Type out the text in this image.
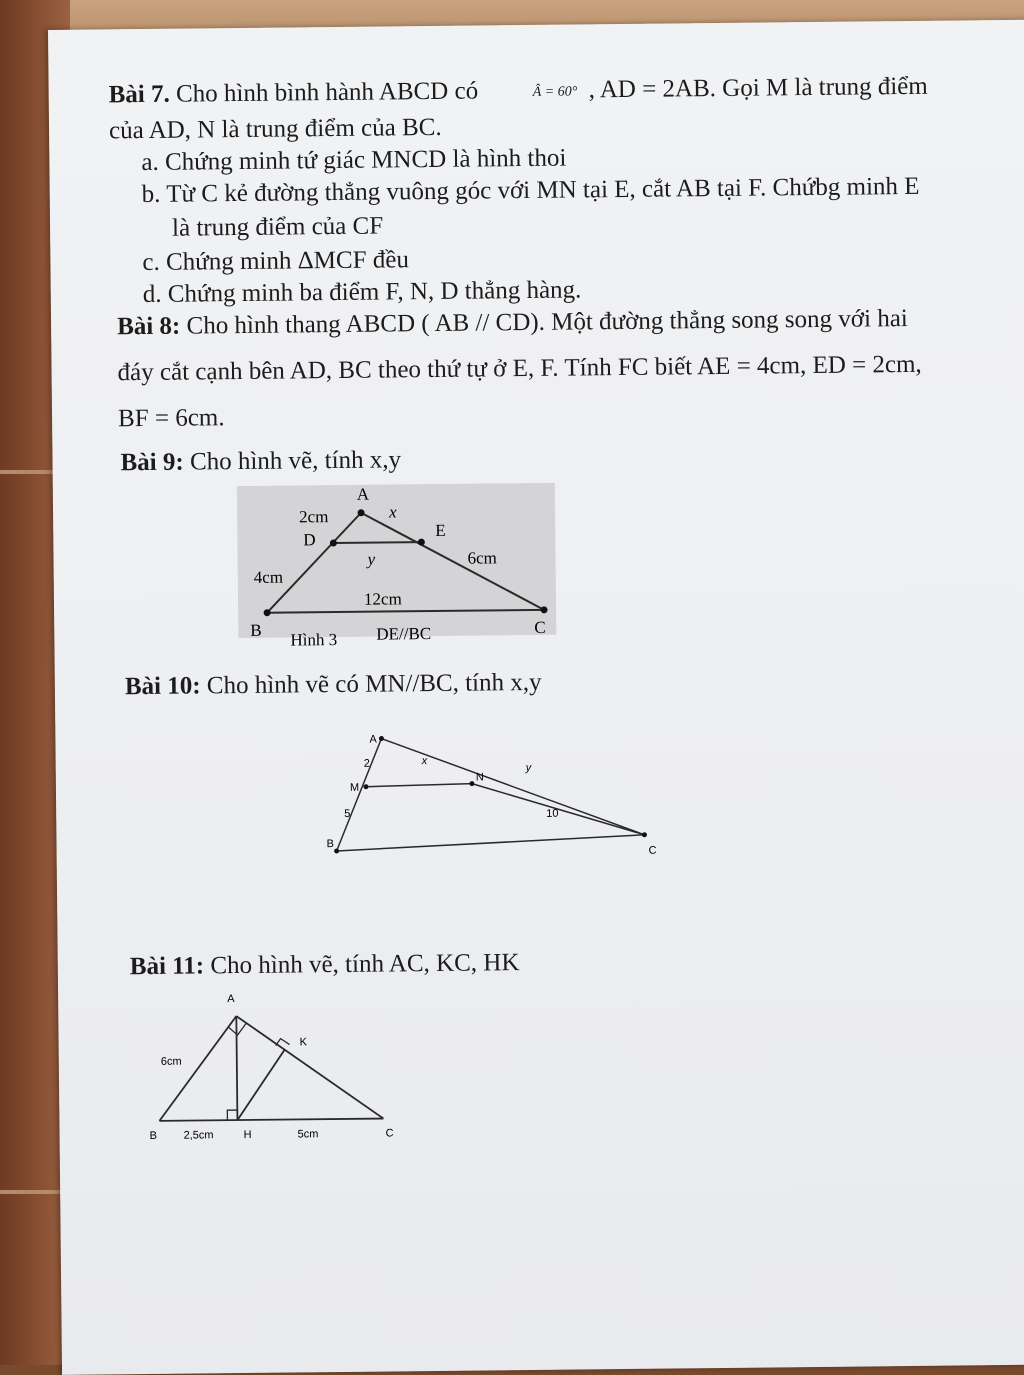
Bài 7. Cho hình bình hành ABCD có	Â = 60° , AD = 2AB. Gọi M là trung điểm
của AD, N là trung điểm của BC.
a. Chứng minh tứ giác MNCD là hình thoi
b. Từ C kẻ đường thẳng vuông góc với MN tại E, cắt AB tại F. Chứbg minh E
là trung điểm của CF
c. Chứng minh ΔMCF đều
d. Chứng minh ba điểm F, N, D thẳng hàng.
Bài 8: Cho hình thang ABCD ( AB // CD). Một đường thẳng song song với hai
đáy cắt cạnh bên AD, BC theo thứ tự ở E, F. Tính FC biết AE = 4cm, ED = 2cm,
BF = 6cm.
Bài 9: Cho hình vẽ, tính x,y
A
x
2cm
D	E
y	6cm
4cm
12cm
B Hình 3 DE//BC	C
Bài 10: Cho hình vẽ có MN//BC, tính x,y
A
2	x
y
M
N
5	10
B
C
Bài 11: Cho hình vẽ, tính AC, KC, HK
A
K
6cm
B 2,5cm	H	5cm	C
